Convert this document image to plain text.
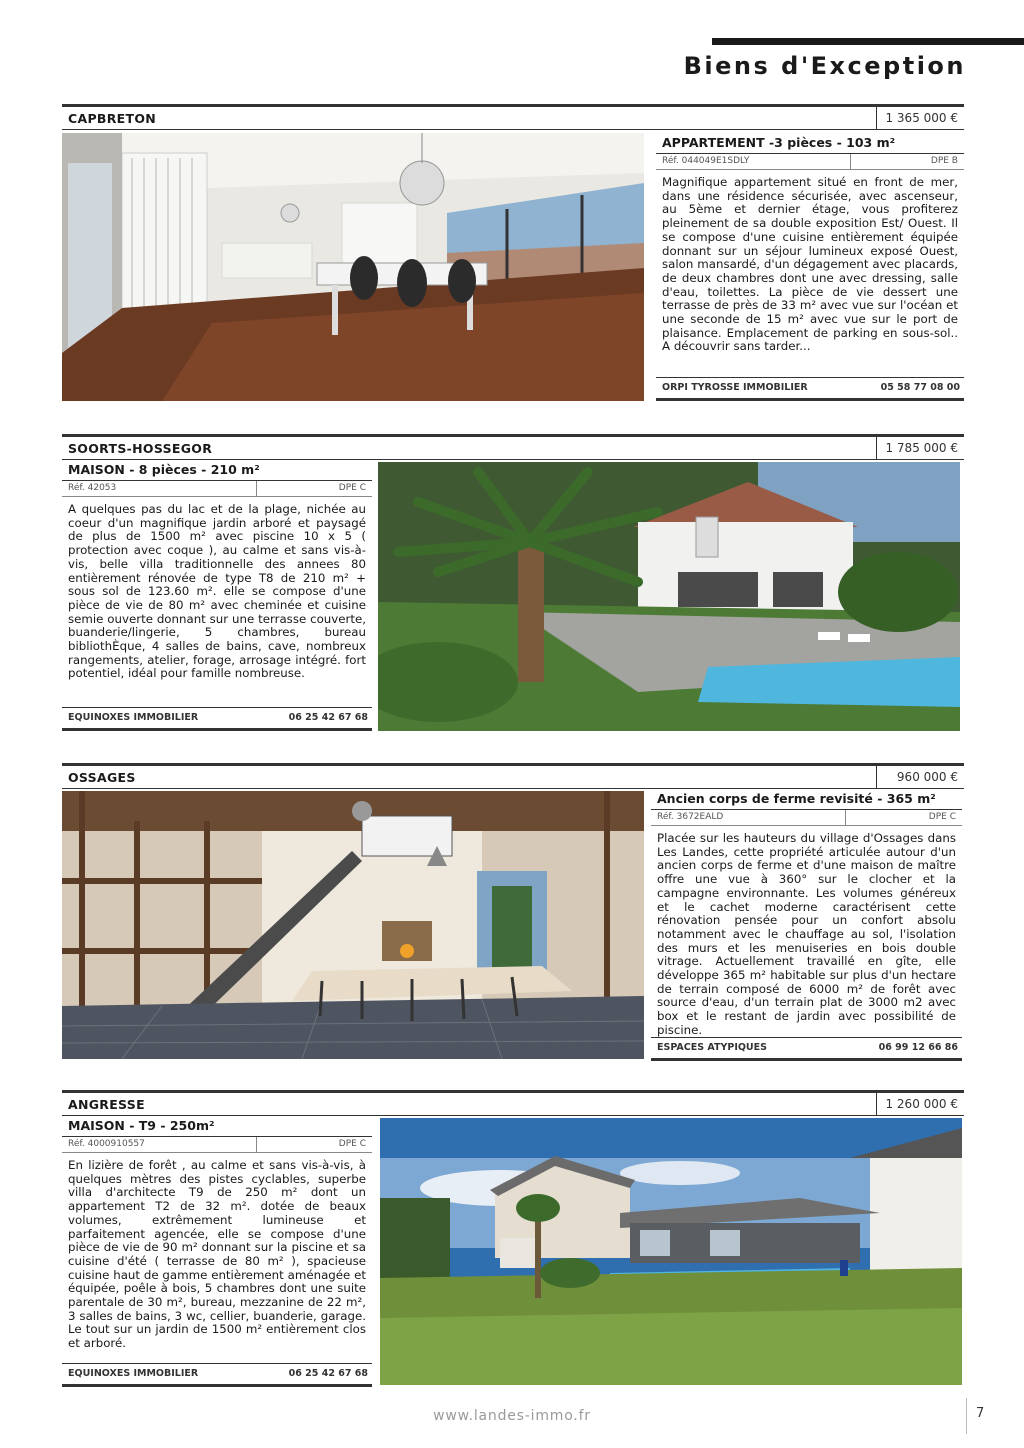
Biens d'Exception
CAPBRETON	1 365 000 €
APPARTEMENT -3 pièces - 103 m²
Réf. 044049E1SDLY	DPE B
Magnifique appartement situé en front de mer, dans une résidence sécurisée, avec ascenseur, au 5ème et dernier étage, vous profiterez pleinement de sa double exposition Est/ Ouest. Il se compose d'une cuisine entièrement équipée donnant sur un séjour lumineux exposé Ouest, salon mansardé, d'un dégagement avec placards, de deux chambres dont une avec dressing, salle d'eau, toilettes. La pièce de vie dessert une terrasse de près de 33 m² avec vue sur l'océan et une seconde de 15 m² avec vue sur le port de plaisance. Emplacement de parking en sous-sol.. A découvrir sans tarder...
ORPI TYROSSE IMMOBILIER	05 58 77 08 00
SOORTS-HOSSEGOR	1 785 000 €
MAISON - 8 pièces - 210 m²
Réf. 42053	DPE C
A quelques pas du lac et de la plage, nichée au coeur d'un magnifique jardin arboré et paysagé de plus de 1500 m² avec piscine 10 x 5 ( protection avec coque ), au calme et sans vis-à-vis, belle villa traditionnelle des annees 80 entièrement rénovée de type T8 de 210 m² + sous sol de 123.60 m². elle se compose d'une pièce de vie de 80 m² avec cheminée et cuisine semie ouverte donnant sur une terrasse couverte, buanderie/lingerie, 5 chambres, bureau bibliothÈque, 4 salles de bains, cave, nombreux rangements, atelier, forage, arrosage intégré. fort potentiel, idéal pour famille nombreuse.
EQUINOXES IMMOBILIER	06 25 42 67 68
OSSAGES	960 000 €
Ancien corps de ferme revisité - 365 m²
Réf. 3672EALD	DPE C
Placée sur les hauteurs du village d'Ossages dans Les Landes, cette propriété articulée autour d'un ancien corps de ferme et d'une maison de maître offre une vue à 360° sur le clocher et la campagne environnante. Les volumes généreux et le cachet moderne caractérisent cette rénovation pensée pour un confort absolu notamment avec le chauffage au sol, l'isolation des murs et les menuiseries en bois double vitrage. Actuellement travaillé en gîte, elle développe 365 m² habitable sur plus d'un hectare de terrain composé de 6000 m² de forêt avec source d'eau, d'un terrain plat de 3000 m2 avec box et le restant de jardin avec possibilité de piscine.
ESPACES ATYPIQUES	06 99 12 66 86
ANGRESSE	1 260 000 €
MAISON - T9 - 250m²
Réf. 4000910557	DPE C
En lizière de forêt , au calme et sans vis-à-vis, à quelques mètres des pistes cyclables, superbe villa d'architecte T9 de 250 m² dont un appartement T2 de 32 m². dotée de beaux volumes, extrêmement lumineuse et parfaitement agencée, elle se compose d'une pièce de vie de 90 m² donnant sur la piscine et sa cuisine d'été ( terrasse de 80 m² ), spacieuse cuisine haut de gamme entièrement aménagée et équipée, poêle à bois, 5 chambres dont une suite parentale de 30 m², bureau, mezzanine de 22 m², 3 salles de bains, 3 wc, cellier, buanderie, garage. Le tout sur un jardin de 1500 m² entièrement clos et arboré.
EQUINOXES IMMOBILIER	06 25 42 67 68
www.landes-immo.fr	7
